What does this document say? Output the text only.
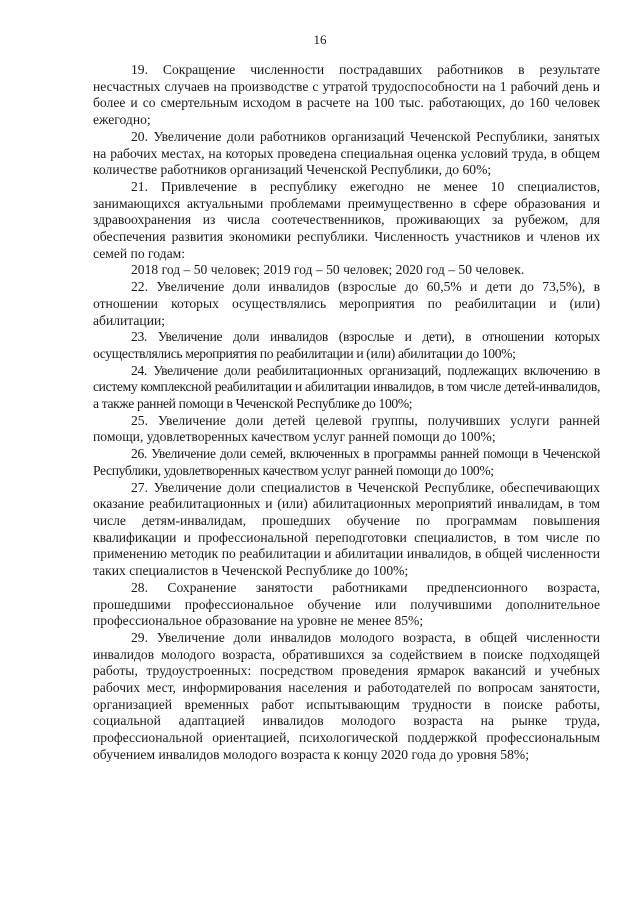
16

19. Сокращение численности пострадавших работников в результате несчастных случаев на производстве с утратой трудоспособности на 1 рабочий день и более и со смертельным исходом в расчете на 100 тыс. работающих, до 160 человек ежегодно;

20. Увеличение доли работников организаций Чеченской Республики, занятых на рабочих местах, на которых проведена специальная оценка условий труда, в общем количестве работников организаций Чеченской Республики, до 60%;

21. Привлечение в республику ежегодно не менее 10 специалистов, занимающихся актуальными проблемами преимущественно в сфере образования и здравоохранения из числа соотечественников, проживающих за рубежом, для обеспечения развития экономики республики. Численность участников и членов их семей по годам:

2018 год – 50 человек; 2019 год – 50 человек; 2020 год – 50 человек.

22. Увеличение доли инвалидов (взрослые до 60,5% и дети до 73,5%), в отношении которых осуществлялись мероприятия по реабилитации и (или) абилитации;

23. Увеличение доли инвалидов (взрослые и дети), в отношении которых осуществлялись мероприятия по реабилитации и (или) абилитации до 100%;

24. Увеличение доли реабилитационных организаций, подлежащих включению в систему комплексной реабилитации и абилитации инвалидов, в том числе детей-инвалидов, а также ранней помощи в Чеченской Республике до 100%;

25. Увеличение доли детей целевой группы, получивших услуги ранней помощи, удовлетворенных качеством услуг ранней помощи до 100%;

26. Увеличение доли семей, включенных в программы ранней помощи в Чеченской Республики, удовлетворенных качеством услуг ранней помощи до 100%;

27. Увеличение доли специалистов в Чеченской Республике, обеспечивающих оказание реабилитационных и (или) абилитационных мероприятий инвалидам, в том числе детям-инвалидам, прошедших обучение по программам повышения квалификации и профессиональной переподготовки специалистов, в том числе по применению методик по реабилитации и абилитации инвалидов, в общей численности таких специалистов в Чеченской Республике до 100%;

28. Сохранение занятости работниками предпенсионного возраста, прошедшими профессиональное обучение или получившими дополнительное профессиональное образование на уровне не менее 85%;

29. Увеличение доли инвалидов молодого возраста, в общей численности инвалидов молодого возраста, обратившихся за содействием в поиске подходящей работы, трудоустроенных: посредством проведения ярмарок вакансий и учебных рабочих мест, информирования населения и работодателей по вопросам занятости, организацией временных работ испытывающим трудности в поиске работы, социальной адаптацией инвалидов молодого возраста на рынке труда, профессиональной ориентацией, психологической поддержкой профессиональным обучением инвалидов молодого возраста к концу 2020 года до уровня 58%;
